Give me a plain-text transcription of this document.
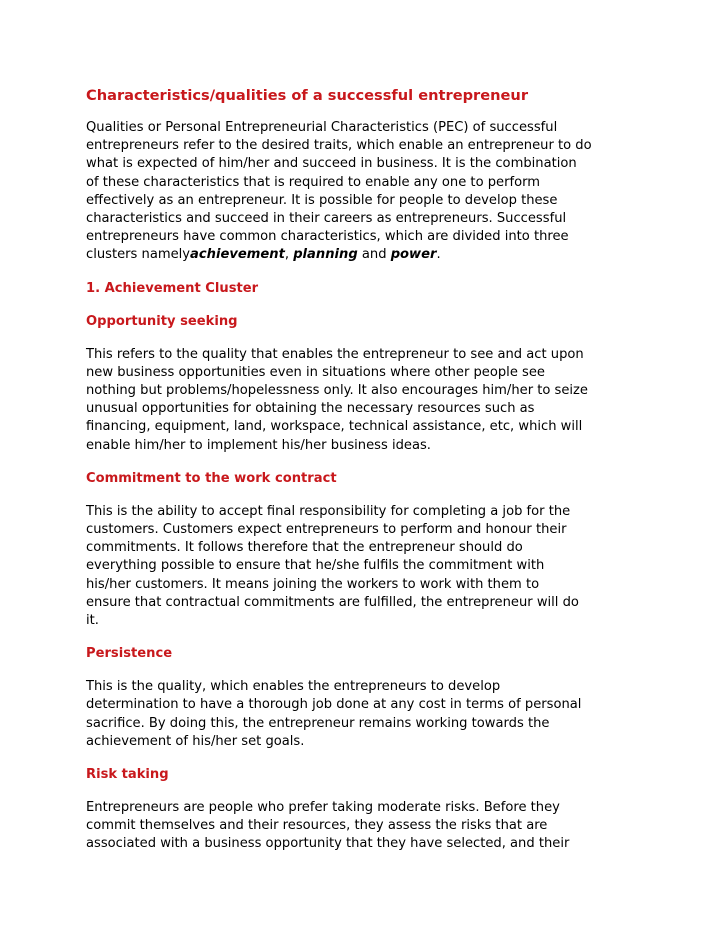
Characteristics/qualities of a successful entrepreneur
Qualities or Personal Entrepreneurial Characteristics (PEC) of successful
entrepreneurs refer to the desired traits, which enable an entrepreneur to do
what is expected of him/her and succeed in business. It is the combination
of these characteristics that is required to enable any one to perform
effectively as an entrepreneur. It is possible for people to develop these
characteristics and succeed in their careers as entrepreneurs. Successful
entrepreneurs have common characteristics, which are divided into three
clusters namelyachievement, planning and power.
1. Achievement Cluster
Opportunity seeking
This refers to the quality that enables the entrepreneur to see and act upon
new business opportunities even in situations where other people see
nothing but problems/hopelessness only. It also encourages him/her to seize
unusual opportunities for obtaining the necessary resources such as
financing, equipment, land, workspace, technical assistance, etc, which will
enable him/her to implement his/her business ideas.
Commitment to the work contract
This is the ability to accept final responsibility for completing a job for the
customers. Customers expect entrepreneurs to perform and honour their
commitments. It follows therefore that the entrepreneur should do
everything possible to ensure that he/she fulfils the commitment with
his/her customers. It means joining the workers to work with them to
ensure that contractual commitments are fulfilled, the entrepreneur will do
it.
Persistence
This is the quality, which enables the entrepreneurs to develop
determination to have a thorough job done at any cost in terms of personal
sacrifice. By doing this, the entrepreneur remains working towards the
achievement of his/her set goals.
Risk taking
Entrepreneurs are people who prefer taking moderate risks. Before they
commit themselves and their resources, they assess the risks that are
associated with a business opportunity that they have selected, and their
